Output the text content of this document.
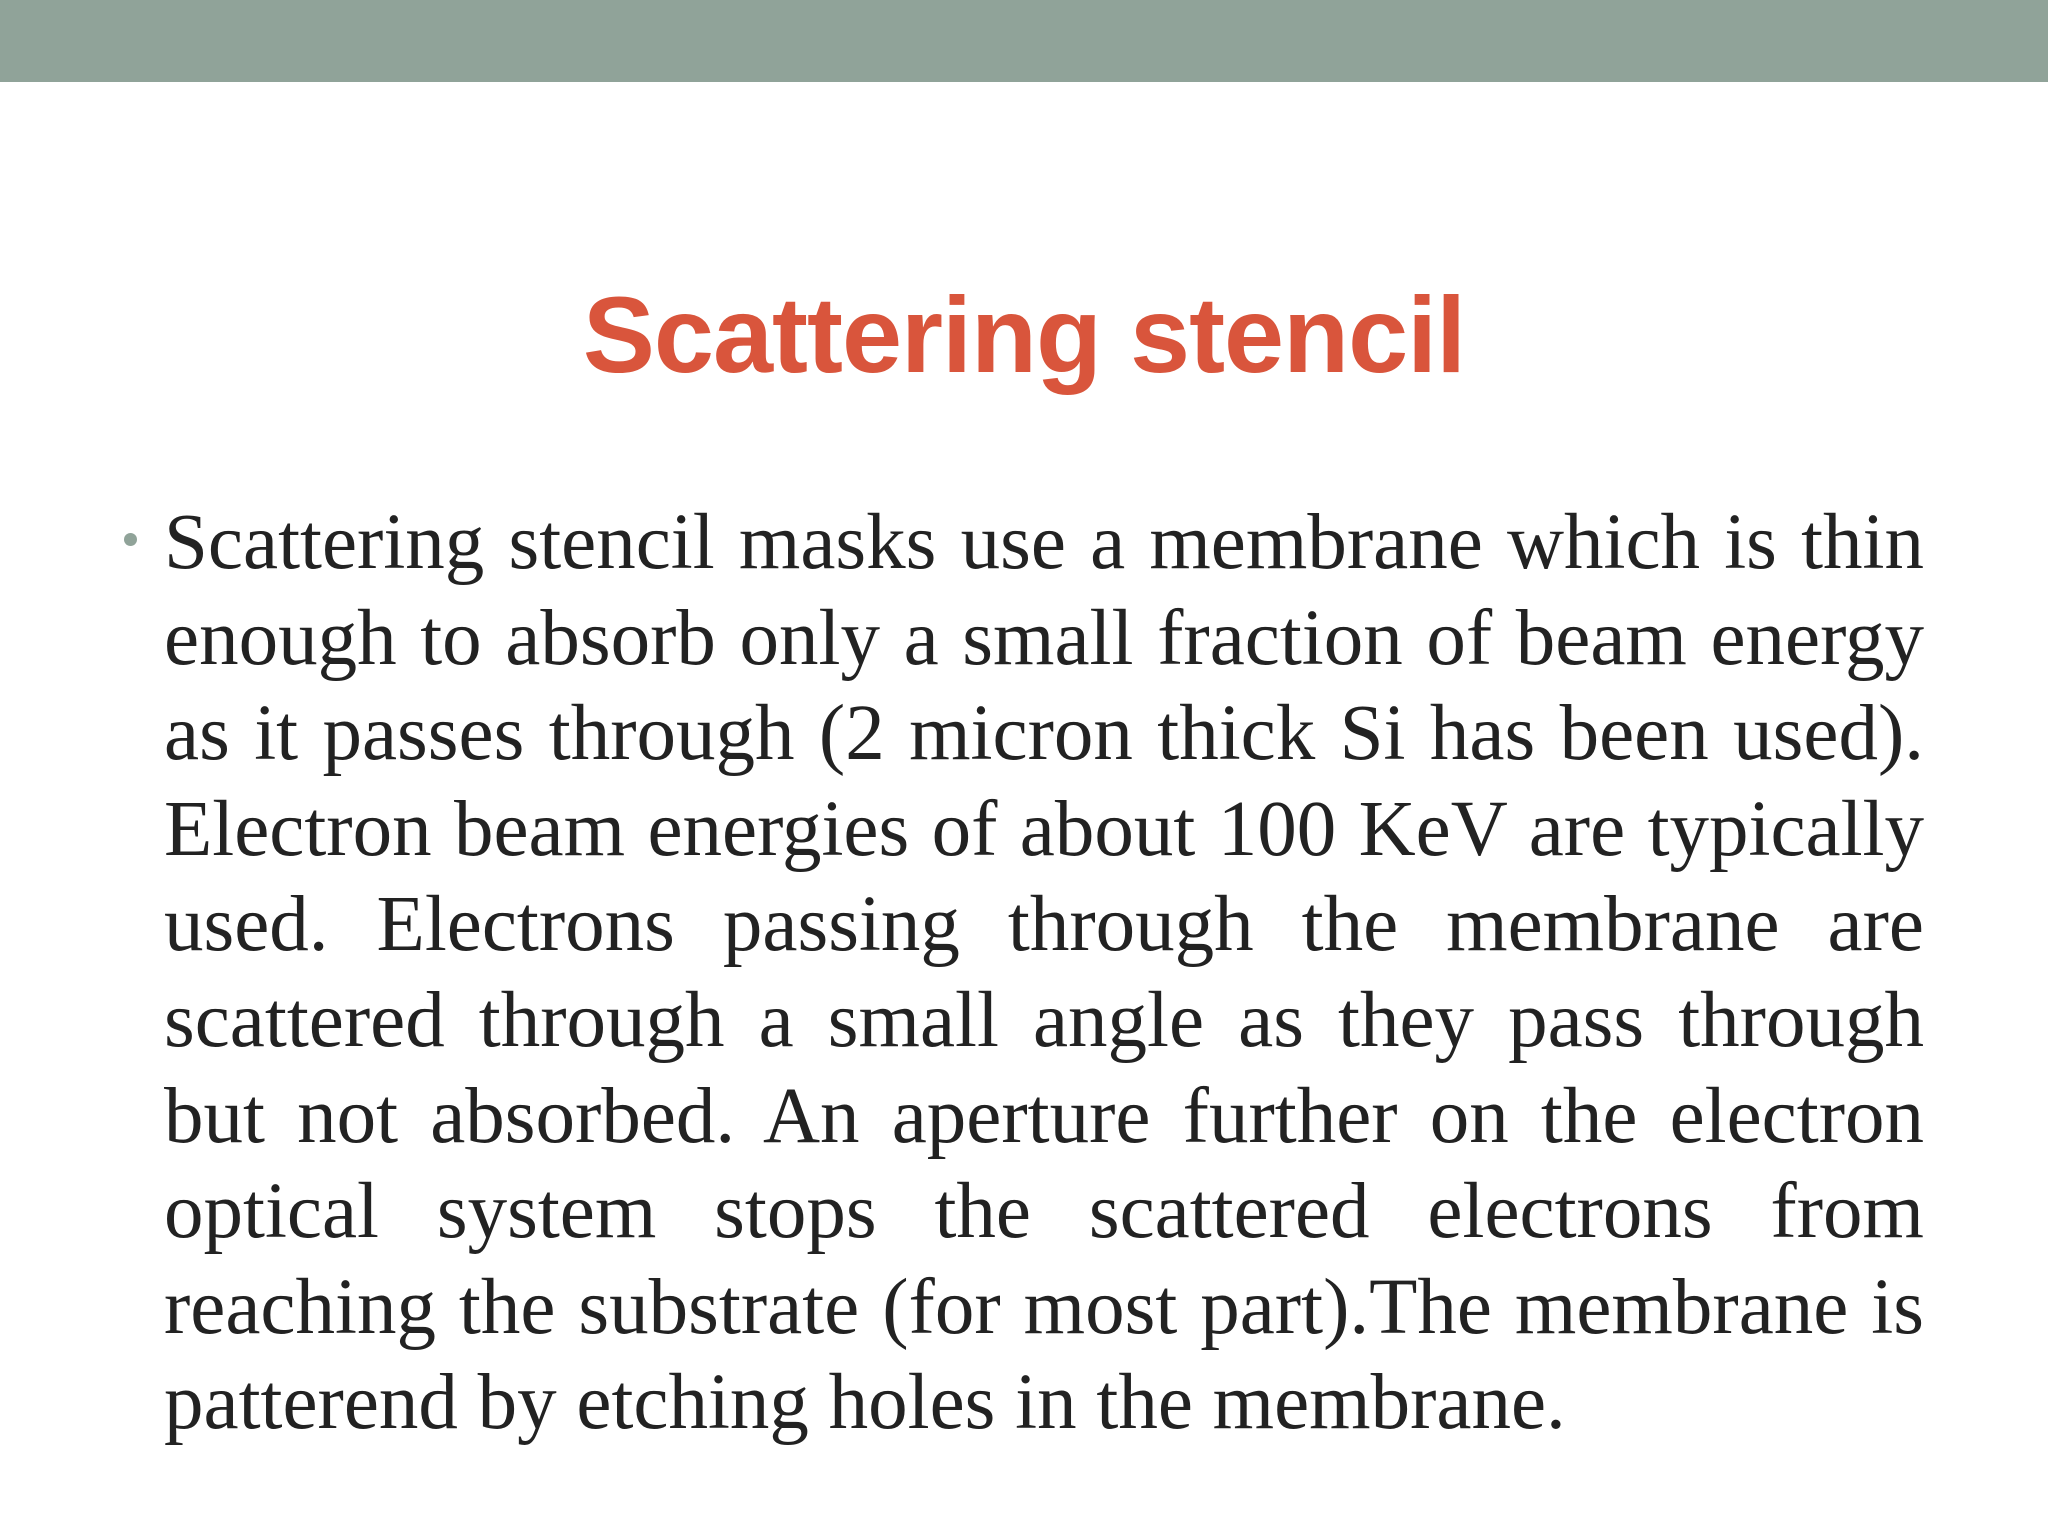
Scattering stencil

Scattering stencil masks use a membrane which is thin enough to absorb only a small fraction of beam energy as it passes through (2 micron thick Si has been used). Electron beam energies of about 100 KeV are typically used. Electrons passing through the membrane are scattered through a small angle as they pass through but not absorbed. An aperture further on the electron optical system stops the scattered electrons from reaching the substrate (for most part).The membrane is patterend by etching holes in the membrane.
